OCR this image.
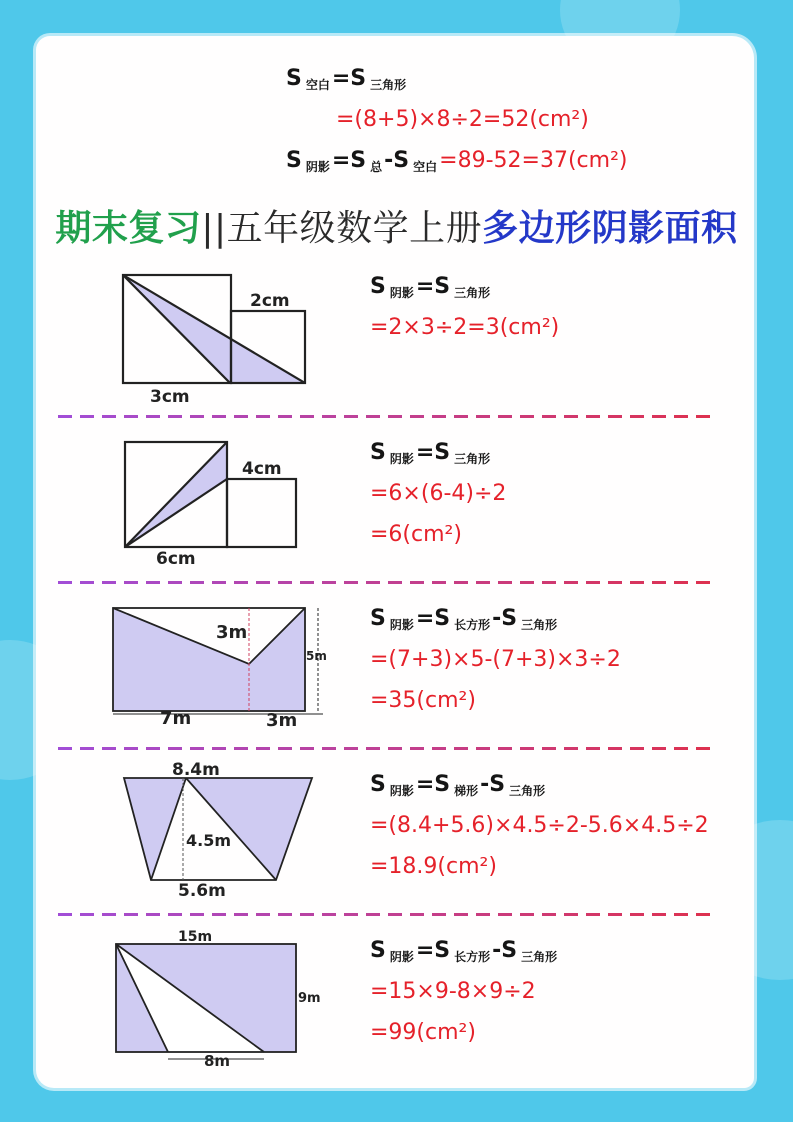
S空白=S 三角形
=(8+5)×8÷2=52(cm²)
S阴影=S 总-S 空白=89-52=37(cm²)
期末复习||五年级数学上册多边形阴影面积
2cm
3cm
S阴影=S 三角形
=2×3÷2=3(cm²)
4cm
6cm
S阴影=S 三角形
=6×(6-4)÷2
=6(cm²)
3m
5m
7m	3m
S阴影=S 长方形-S 三角形
=(7+3)×5-(7+3)×3÷2
=35(cm²)
8.4m
4.5m
5.6m
S阴影=S 梯形-S 三角形
=(8.4+5.6)×4.5÷2-5.6×4.5÷2
=18.9(cm²)
15m
9m
8m
S阴影=S 长方形-S 三角形
=15×9-8×9÷2
=99(cm²)
